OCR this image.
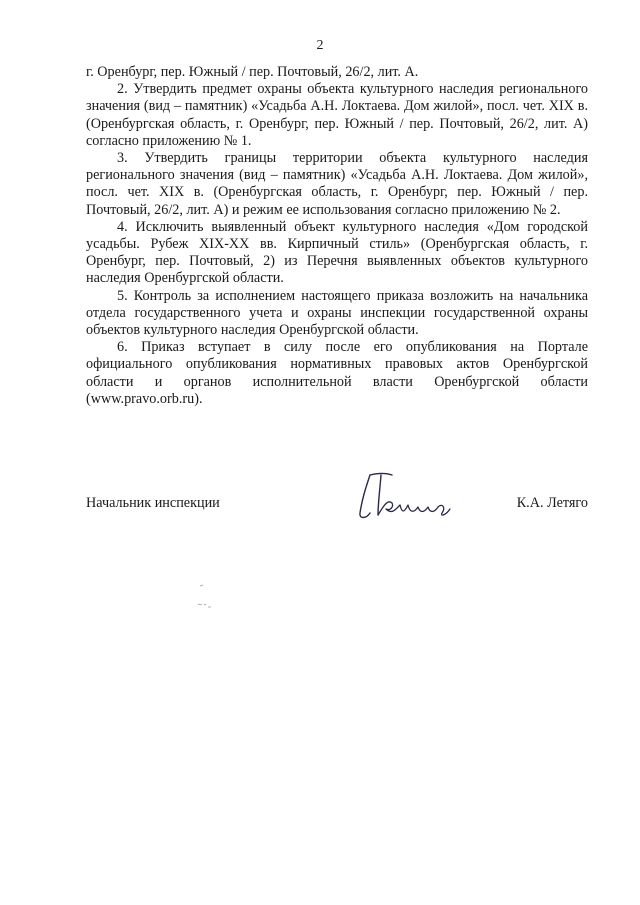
2

г. Оренбург, пер. Южный / пер. Почтовый, 26/2, лит. А.

2. Утвердить предмет охраны объекта культурного наследия регионального значения (вид – памятник) «Усадьба А.Н. Локтаева. Дом жилой», посл. чет. XIX в. (Оренбургская область, г. Оренбург, пер. Южный / пер. Почтовый, 26/2, лит. А) согласно приложению № 1.

3. Утвердить границы территории объекта культурного наследия регионального значения (вид – памятник) «Усадьба А.Н. Локтаева. Дом жилой», посл. чет. XIX в. (Оренбургская область, г. Оренбург, пер. Южный / пер. Почтовый, 26/2, лит. А) и режим ее использования согласно приложению № 2.

4. Исключить выявленный объект культурного наследия «Дом городской усадьбы. Рубеж XIX-XX вв. Кирпичный стиль» (Оренбургская область, г. Оренбург, пер. Почтовый, 2) из Перечня выявленных объектов культурного наследия Оренбургской области.

5. Контроль за исполнением настоящего приказа возложить на начальника отдела государственного учета и охраны инспекции государственной охраны объектов культурного наследия Оренбургской области.

6. Приказ вступает в силу после его опубликования на Портале официального опубликования нормативных правовых актов Оренбургской области и органов исполнительной власти Оренбургской области (www.pravo.orb.ru).

Начальник инспекции	К.А. Летяго
